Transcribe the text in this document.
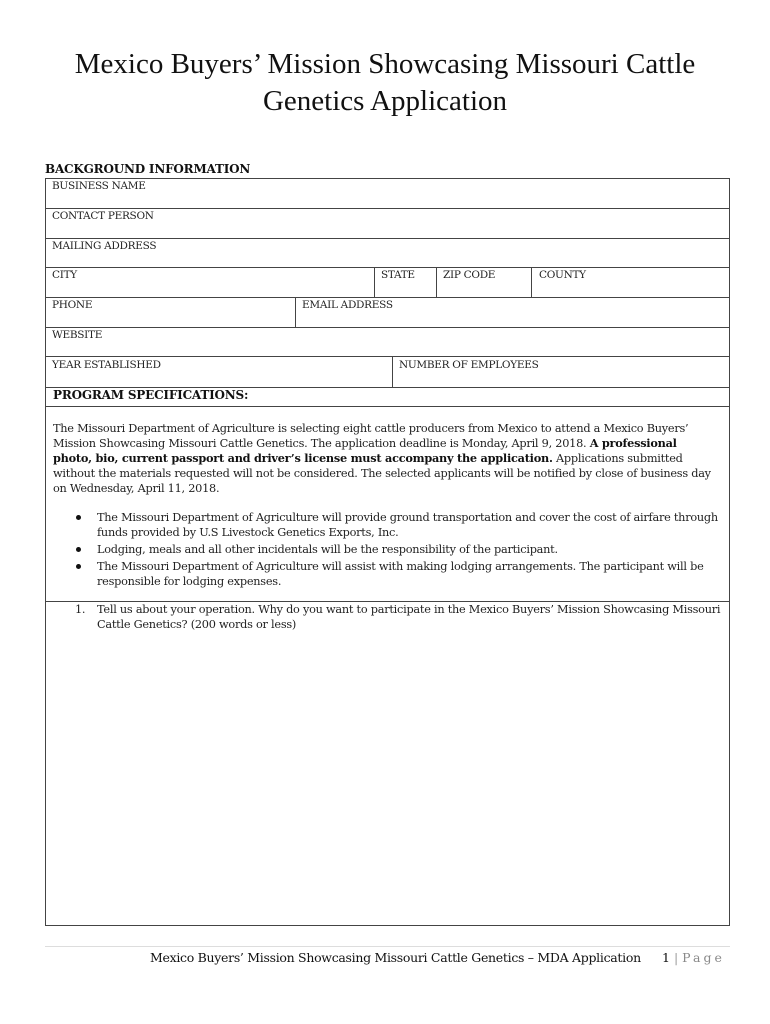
Mexico Buyers’ Mission Showcasing Missouri Cattle Genetics Application
BACKGROUND INFORMATION
BUSINESS NAME
CONTACT PERSON
MAILING ADDRESS
CITY	STATE	ZIP CODE	COUNTY
PHONE	EMAIL ADDRESS
WEBSITE
YEAR ESTABLISHED	NUMBER OF EMPLOYEES
PROGRAM SPECIFICATIONS:
The Missouri Department of Agriculture is selecting eight cattle producers from Mexico to attend a Mexico Buyers’ Mission Showcasing Missouri Cattle Genetics. The application deadline is Monday, April 9, 2018. A professional photo, bio, current passport and driver’s license must accompany the application. Applications submitted without the materials requested will not be considered. The selected applicants will be notified by close of business day on Wednesday, April 11, 2018.
The Missouri Department of Agriculture will provide ground transportation and cover the cost of airfare through funds provided by U.S Livestock Genetics Exports, Inc.
Lodging, meals and all other incidentals will be the responsibility of the participant.
The Missouri Department of Agriculture will assist with making lodging arrangements. The participant will be responsible for lodging expenses.
1.	Tell us about your operation. Why do you want to participate in the Mexico Buyers’ Mission Showcasing Missouri Cattle Genetics? (200 words or less)
Mexico Buyers’ Mission Showcasing Missouri Cattle Genetics – MDA Application 1 | Page
